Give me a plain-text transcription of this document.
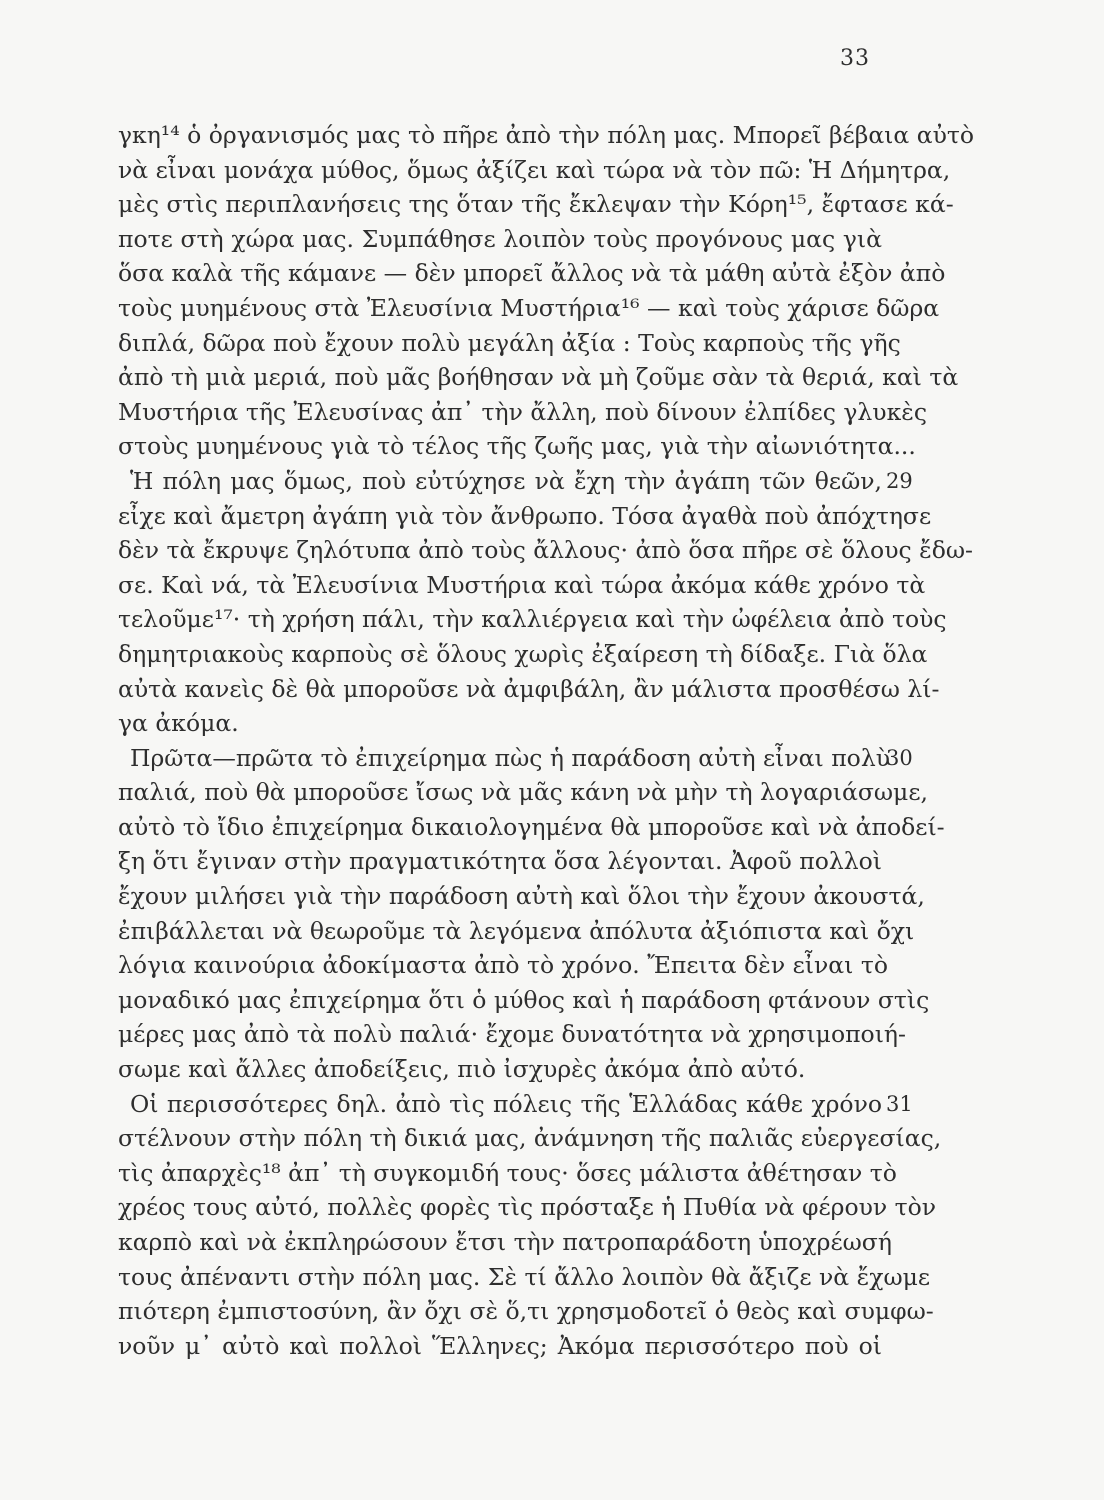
33
γκη¹⁴ ὁ ὀργανισμός μας τὸ πῆρε ἀπὸ τὴν πόλη μας. Μπορεῖ βέβαια αὐτὸ
νὰ εἶναι μονάχα μύθος, ὅμως ἀξίζει καὶ τώρα νὰ τὸν πῶ: Ἡ Δήμητρα,
μὲς στὶς περιπλανήσεις της ὅταν τῆς ἔκλεψαν τὴν Κόρη¹⁵, ἔφτασε κά-
ποτε στὴ χώρα μας. Συμπάθησε λοιπὸν τοὺς προγόνους μας γιὰ
ὅσα καλὰ τῆς κάμανε — δὲν μπορεῖ ἄλλος νὰ τὰ μάθη αὐτὰ ἐξὸν ἀπὸ
τοὺς μυημένους στὰ Ἐλευσίνια Μυστήρια¹⁶ — καὶ τοὺς χάρισε δῶρα
διπλά, δῶρα ποὺ ἔχουν πολὺ μεγάλη ἀξία : Τοὺς καρποὺς τῆς γῆς
ἀπὸ τὴ μιὰ μεριά, ποὺ μᾶς βοήθησαν νὰ μὴ ζοῦμε σὰν τὰ θεριά, καὶ τὰ
Μυστήρια τῆς Ἐλευσίνας ἀπ᾽ τὴν ἄλλη, ποὺ δίνουν ἐλπίδες γλυκὲς
στοὺς μυημένους γιὰ τὸ τέλος τῆς ζωῆς μας, γιὰ τὴν αἰωνιότητα...
Ἡ πόλη μας ὅμως, ποὺ εὐτύχησε νὰ ἔχη τὴν ἀγάπη τῶν θεῶν, 29
εἶχε καὶ ἄμετρη ἀγάπη γιὰ τὸν ἄνθρωπο. Τόσα ἀγαθὰ ποὺ ἀπόχτησε
δὲν τὰ ἔκρυψε ζηλότυπα ἀπὸ τοὺς ἄλλους· ἀπὸ ὅσα πῆρε σὲ ὅλους ἔδω-
σε. Καὶ νά, τὰ Ἐλευσίνια Μυστήρια καὶ τώρα ἀκόμα κάθε χρόνο τὰ
τελοῦμε¹⁷· τὴ χρήση πάλι, τὴν καλλιέργεια καὶ τὴν ὠφέλεια ἀπὸ τοὺς
δημητριακοὺς καρποὺς σὲ ὅλους χωρὶς ἐξαίρεση τὴ δίδαξε. Γιὰ ὅλα
αὐτὰ κανεὶς δὲ θὰ μποροῦσε νὰ ἀμφιβάλη, ἂν μάλιστα προσθέσω λί-
γα ἀκόμα.
Πρῶτα—πρῶτα τὸ ἐπιχείρημα πὼς ἡ παράδοση αὐτὴ εἶναι πολὺ
30
παλιά, ποὺ θὰ μποροῦσε ἴσως νὰ μᾶς κάνη νὰ μὴν τὴ λογαριάσωμε,
αὐτὸ τὸ ἴδιο ἐπιχείρημα δικαιολογημένα θὰ μποροῦσε καὶ νὰ ἀποδεί-
ξη ὅτι ἔγιναν στὴν πραγματικότητα ὅσα λέγονται. Ἀφοῦ πολλοὶ
ἔχουν μιλήσει γιὰ τὴν παράδοση αὐτὴ καὶ ὅλοι τὴν ἔχουν ἀκουστά,
ἐπιβάλλεται νὰ θεωροῦμε τὰ λεγόμενα ἀπόλυτα ἀξιόπιστα καὶ ὄχι
λόγια καινούρια ἀδοκίμαστα ἀπὸ τὸ χρόνο. Ἔπειτα δὲν εἶναι τὸ
μοναδικό μας ἐπιχείρημα ὅτι ὁ μύθος καὶ ἡ παράδοση φτάνουν στὶς
μέρες μας ἀπὸ τὰ πολὺ παλιά· ἔχομε δυνατότητα νὰ χρησιμοποιή-
σωμε καὶ ἄλλες ἀποδείξεις, πιὸ ἰσχυρὲς ἀκόμα ἀπὸ αὐτό.
Οἱ περισσότερες δηλ. ἀπὸ τὶς πόλεις τῆς Ἑλλάδας κάθε χρόνο 31
στέλνουν στὴν πόλη τὴ δικιά μας, ἀνάμνηση τῆς παλιᾶς εὐεργεσίας,
τὶς ἀπαρχὲς¹⁸ ἀπ᾽ τὴ συγκομιδή τους· ὅσες μάλιστα ἀθέτησαν τὸ
χρέος τους αὐτό, πολλὲς φορὲς τὶς πρόσταξε ἡ Πυθία νὰ φέρουν τὸν
καρπὸ καὶ νὰ ἐκπληρώσουν ἔτσι τὴν πατροπαράδοτη ὑποχρέωσή
τους ἀπέναντι στὴν πόλη μας. Σὲ τί ἄλλο λοιπὸν θὰ ἄξιζε νὰ ἔχωμε
πιότερη ἐμπιστοσύνη, ἂν ὄχι σὲ ὅ,τι χρησμοδοτεῖ ὁ θεὸς καὶ συμφω-
νοῦν μ᾽ αὐτὸ καὶ πολλοὶ Ἕλληνες; Ἀκόμα περισσότερο ποὺ οἱ
